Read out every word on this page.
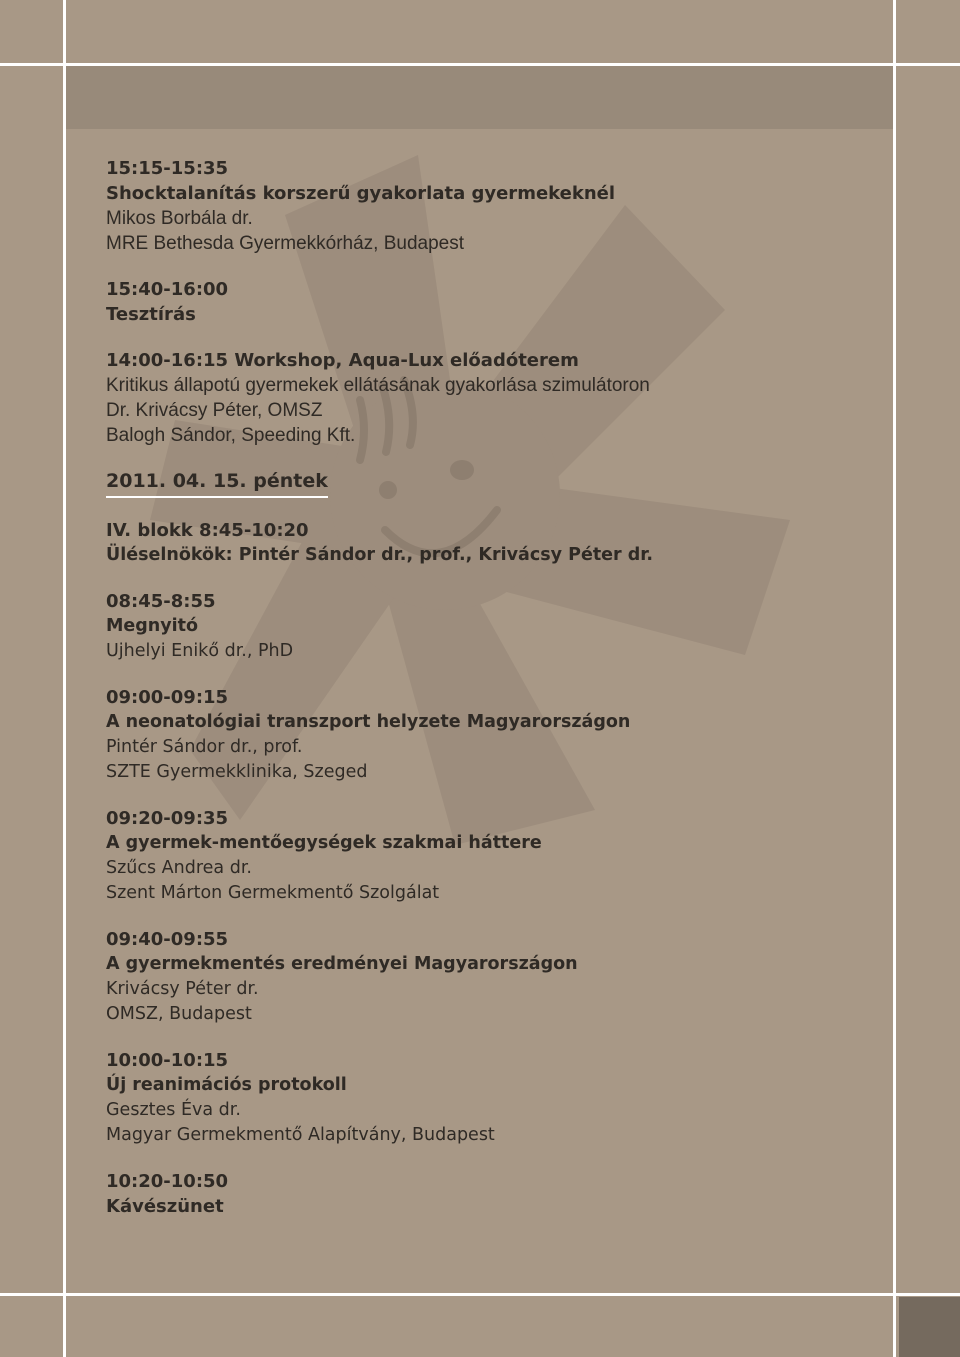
15:15-15:35
Shocktalanítás korszerű gyakorlata gyermekeknél
Mikos Borbála dr.
MRE Bethesda Gyermekkórház, Budapest
15:40-16:00
Tesztírás
14:00-16:15 Workshop, Aqua-Lux előadóterem
Kritikus állapotú gyermekek ellátásának gyakorlása szimulátoron
Dr. Krivácsy Péter, OMSZ
Balogh Sándor, Speeding Kft.
2011. 04. 15. péntek
IV. blokk 8:45-10:20
Üléselnökök: Pintér Sándor dr., prof., Krivácsy Péter dr.
08:45-8:55
Megnyitó
Ujhelyi Enikő dr., PhD
09:00-09:15
A neonatológiai transzport helyzete Magyarországon
Pintér Sándor dr., prof.
SZTE Gyermekklinika, Szeged
09:20-09:35
A gyermek-mentőegységek szakmai háttere
Szűcs Andrea dr.
Szent Márton Germekmentő Szolgálat
09:40-09:55
A gyermekmentés eredményei Magyarországon
Krivácsy Péter dr.
OMSZ, Budapest
10:00-10:15
Új reanimációs protokoll
Gesztes Éva dr.
Magyar Germekmentő Alapítvány, Budapest
10:20-10:50
Kávészünet
